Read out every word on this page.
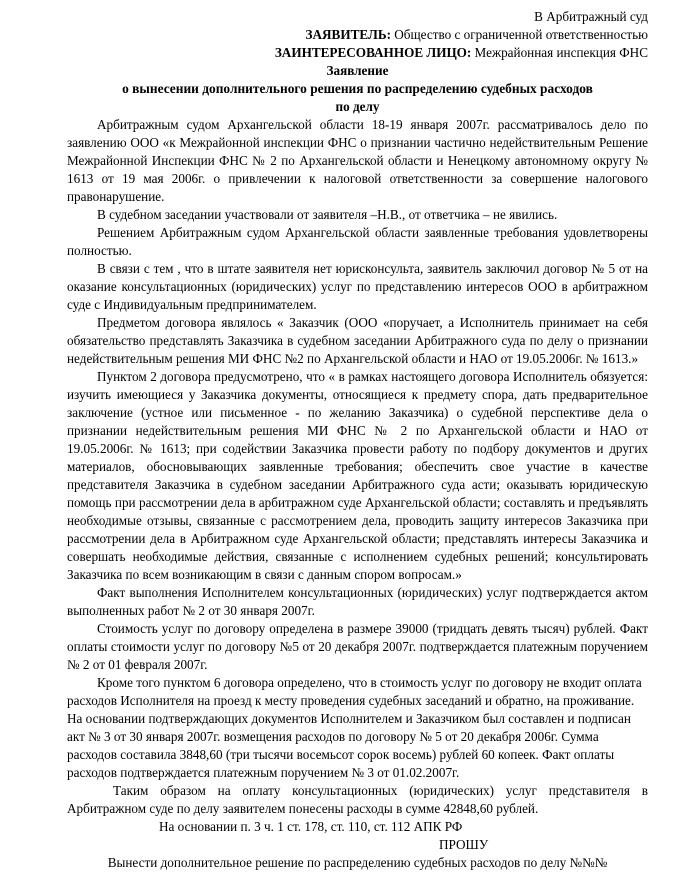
В Арбитражный суд
ЗАЯВИТЕЛЬ: Общество с ограниченной ответственностью
ЗАИНТЕРЕСОВАННОЕ ЛИЦО: Межрайонная инспекция ФНС
Заявление
о вынесении дополнительного решения по распределению судебных расходов
по делу

Арбитражным судом Архангельской области 18-19 января 2007г. рассматривалось дело по заявлению ООО «к Межрайонной инспекции ФНС о признании частично недействительным Решение Межрайонной Инспекции ФНС № 2 по Архангельской области и Ненецкому автономному округу № 1613 от 19 мая 2006г. о привлечении к налоговой ответственности за совершение налогового правонарушение.

В судебном заседании участвовали от заявителя –Н.В., от ответчика – не явились.

Решением Арбитражным судом Архангельской области заявленные требования удовлетворены полностью.

В связи с тем , что в штате заявителя нет юрисконсульта, заявитель заключил договор № 5 от на оказание консультационных (юридических) услуг по представлению интересов ООО в арбитражном суде с Индивидуальным предпринимателем.

Предметом договора являлось « Заказчик (ООО «поручает, а Исполнитель принимает на себя обязательство представлять Заказчика в судебном заседании Арбитражного суда по делу о признании недействительным решения МИ ФНС №2 по Архангельской области и НАО от 19.05.2006г. № 1613.»

Пунктом 2 договора предусмотрено, что « в рамках настоящего договора Исполнитель обязуется: изучить имеющиеся у Заказчика документы, относящиеся к предмету спора, дать предварительное заключение (устное или письменное - по желанию Заказчика) о судебной перспективе дела о признании недействительным решения МИ ФНС № 2 по Архангельской области и НАО от 19.05.2006г. № 1613; при содействии Заказчика провести работу по подбору документов и других материалов, обосновывающих заявленные требования; обеспечить свое участие в качестве представителя Заказчика в судебном заседании Арбитражного суда асти; оказывать юридическую помощь при рассмотрении дела в арбитражном суде Архангельской области; составлять и предъявлять необходимые отзывы, связанные с рассмотрением дела, проводить защиту интересов Заказчика при рассмотрении дела в Арбитражном суде Архангельской области; представлять интересы Заказчика и совершать необходимые действия, связанные с исполнением судебных решений; консультировать Заказчика по всем возникающим в связи с данным спором вопросам.»

Факт выполнения Исполнителем консультационных (юридических) услуг подтверждается актом выполненных работ № 2 от 30 января 2007г.

Стоимость услуг по договору определена в размере 39000 (тридцать девять тысяч) рублей. Факт оплаты стоимости услуг по договору №5 от 20 декабря 2007г. подтверждается платежным поручением № 2 от 01 февраля 2007г.

Кроме того пунктом 6 договора определено, что в стоимость услуг по договору не входит оплата расходов Исполнителя на проезд к месту проведения судебных заседаний и обратно, на проживание. На основании подтверждающих документов Исполнителем и Заказчиком был составлен и подписан акт № 3 от 30 января 2007г. возмещения расходов по договору № 5 от 20 декабря 2006г. Сумма расходов составила 3848,60 (три тысячи восемьсот сорок восемь) рублей 60 копеек. Факт оплаты расходов подтверждается платежным поручением № 3 от 01.02.2007г.

Таким образом на оплату консультационных (юридических) услуг представителя в Арбитражном суде по делу заявителем понесены расходы в сумме 42848,60 рублей.

На основании п. 3 ч. 1 ст. 178, ст. 110, ст. 112 АПК РФ

ПРОШУ

Вынести дополнительное решение по распределению судебных расходов по делу №№№
